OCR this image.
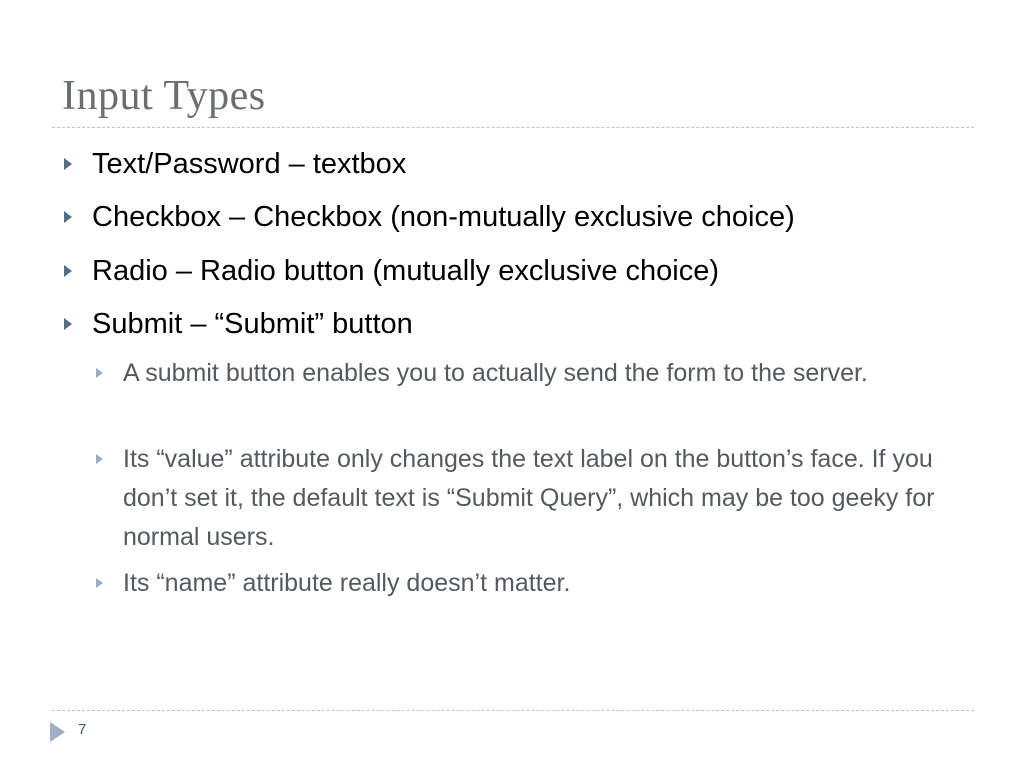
Input Types
Text/Password – textbox
Checkbox – Checkbox (non-mutually exclusive choice)
Radio – Radio button (mutually exclusive choice)
Submit – “Submit” button
A submit button enables you to actually send the form to the server.
Its “value” attribute only changes the text label on the button’s face. If you don’t set it, the default text is “Submit Query”, which may be too geeky for normal users.
Its “name” attribute really doesn’t matter.
7
